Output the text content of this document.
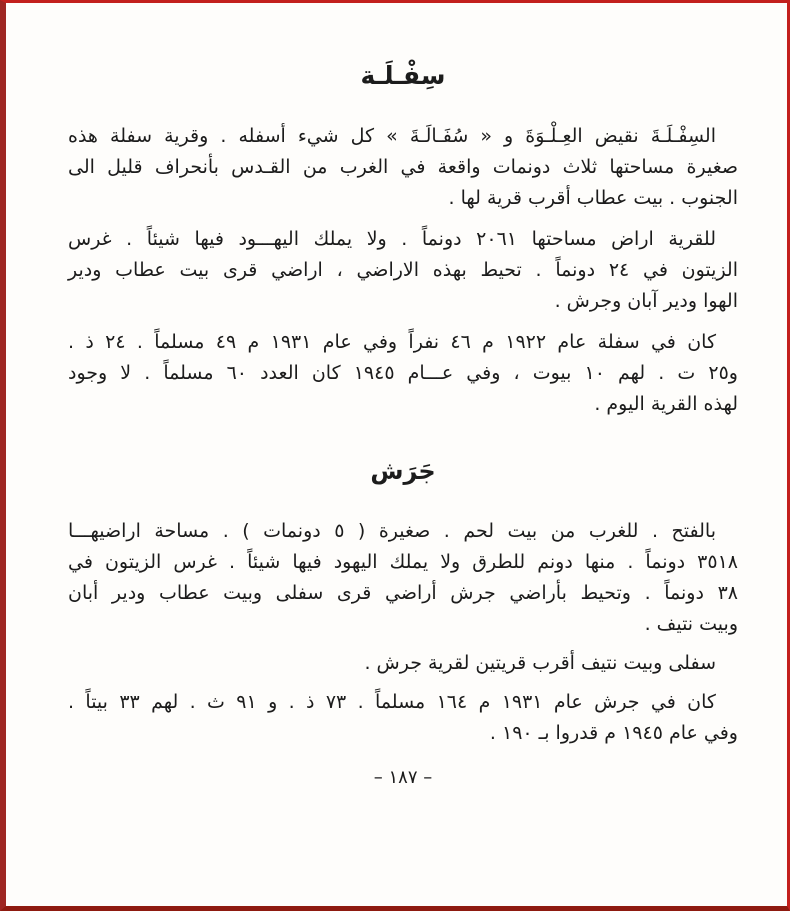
سِفْـلَـة

السِفْـلَـةَ نقيض العِـلْـوَةَ و « سُفَـالَـةَ » كل شيء أسفله . وقرية سفلة هذه
صغيرة مساحتها ثلاث دونمات واقعة في الغرب من القـدس بأنحراف قليل الى
الجنوب . بيت عطاب أقرب قرية لها .

للقرية اراض مساحتها ٢٠٦١ دونماً . ولا يملك اليهـــود فيها شيئاً . غرس
الزيتون في ٢٤ دونماً . تحيط بهذه الاراضي ، اراضي قرى بيت عطاب ودير
الهوا ودير آبان وجرش .

كان في سفلة عام ١٩٢٢ م ٤٦ نفراً وفي عام ١٩٣١ م ٤٩ مسلماً . ٢٤ ذ .
و٢٥ ت . لهم ١٠ بيوت ، وفي عـــام ١٩٤٥ كان العدد ٦٠ مسلماً . لا وجود
لهذه القرية اليوم .

جَرَش

بالفتح . للغرب من بيت لحم . صغيرة ( ٥ دونمات ) . مساحة اراضيهـــا
٣٥١٨ دونماً . منها دونم للطرق ولا يملك اليهود فيها شيئاً . غرس الزيتون في
٣٨ دونماً . وتحيط بأراضي جرش أراضي قرى سفلى وبيت عطاب ودير أبان
وبيت نتيف .

سفلى وبيت نتيف أقرب قريتين لقرية جرش .

كان في جرش عام ١٩٣١ م ١٦٤ مسلماً . ٧٣ ذ . و ٩١ ث . لهم ٣٣ بيتاً .
وفي عام ١٩٤٥ م قدروا بـ ١٩٠ .

– ١٨٧ –
